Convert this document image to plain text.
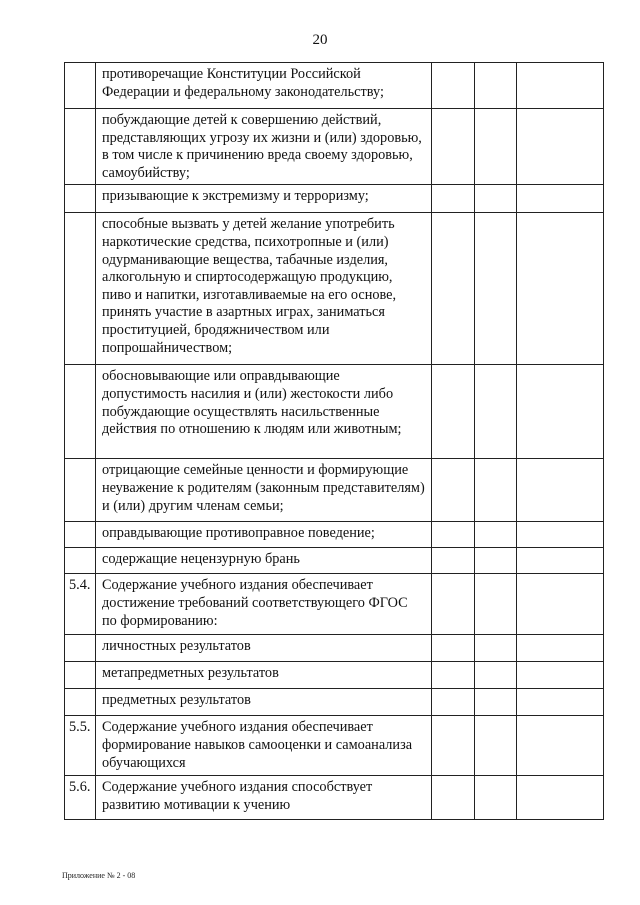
20
	противоречащие Конституции Российской Федерации и федеральному законодательству;			
	побуждающие детей к совершению действий, представляющих угрозу их жизни и (или) здоровью, в том числе к причинению вреда своему здоровью, самоубийству;			
	призывающие к экстремизму и терроризму;			
	способные вызвать у детей желание употребить наркотические средства, психотропные и (или) одурманивающие вещества, табачные изделия, алкогольную и спиртосодержащую продукцию, пиво и напитки, изготавливаемые на его основе, принять участие в азартных играх, заниматься проституцией, бродяжничеством или попрошайничеством;			
	обосновывающие или оправдывающие допустимость насилия и (или) жестокости либо побуждающие осуществлять насильственные действия по отношению к людям или животным;			
	отрицающие семейные ценности и формирующие неуважение к родителям (законным представителям) и (или) другим членам семьи;			
	оправдывающие противоправное поведение;			
	содержащие нецензурную брань			
5.4.	Содержание учебного издания обеспечивает достижение требований соответствующего ФГОС по формированию:			
	личностных результатов			
	метапредметных результатов			
	предметных результатов			
5.5.	Содержание учебного издания обеспечивает формирование навыков самооценки и самоанализа обучающихся			
5.6.	Содержание учебного издания способствует развитию мотивации к учению			
Приложение № 2 - 08
